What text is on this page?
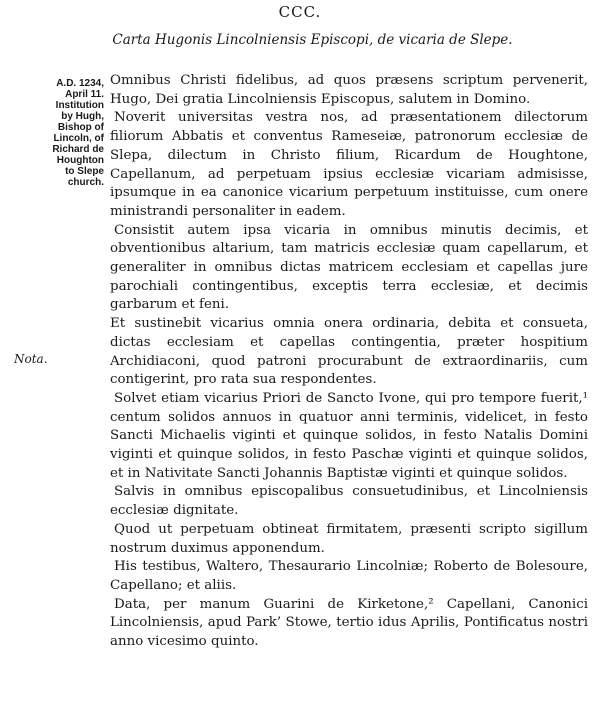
CCC.
Carta Hugonis Lincolniensis Episcopi, de vicaria de Slepe.
A.D. 1234,
April 11.
Institution
by Hugh,
Bishop of
Lincoln, of
Richard de
Houghton
to Slepe
church.
Nota.

Omnibus Christi fidelibus, ad quos præsens scriptum pervenerit, Hugo, Dei gratia Lincolniensis Episcopus, salutem in Domino.

Noverit universitas vestra nos, ad præsentationem dilectorum filiorum Abbatis et conventus Rameseiæ, patronorum ecclesiæ de Slepa, dilectum in Christo filium, Ricardum de Houghtone, Capellanum, ad perpetuam ipsius ecclesiæ vicariam admisisse, ipsumque in ea canonice vicarium perpetuum instituisse, cum onere ministrandi personaliter in eadem.

Consistit autem ipsa vicaria in omnibus minutis decimis, et obventionibus altarium, tam matricis ecclesiæ quam capellarum, et generaliter in omnibus dictas matricem ecclesiam et capellas jure parochiali contingentibus, exceptis terra ecclesiæ, et decimis garbarum et feni.

Et sustinebit vicarius omnia onera ordinaria, debita et consueta, dictas ecclesiam et capellas contingentia, præter hospitium Archidiaconi, quod patroni procurabunt de extraordinariis, cum contigerint, pro rata sua respondentes.

Solvet etiam vicarius Priori de Sancto Ivone, qui pro tempore fuerit,¹ centum solidos annuos in quatuor anni terminis, videlicet, in festo Sancti Michaelis viginti et quinque solidos, in festo Natalis Domini viginti et quinque solidos, in festo Paschæ viginti et quinque solidos, et in Nativitate Sancti Johannis Baptistæ viginti et quinque solidos.

Salvis in omnibus episcopalibus consuetudinibus, et Lincolniensis ecclesiæ dignitate.

Quod ut perpetuam obtineat firmitatem, præsenti scripto sigillum nostrum duximus apponendum.

His testibus, Waltero, Thesaurario Lincolniæ; Roberto de Bolesoure, Capellano; et aliis.

Data, per manum Guarini de Kirketone,² Capellani, Canonici Lincolniensis, apud Park’ Stowe, tertio idus Aprilis, Pontificatus nostri anno vicesimo quinto.
